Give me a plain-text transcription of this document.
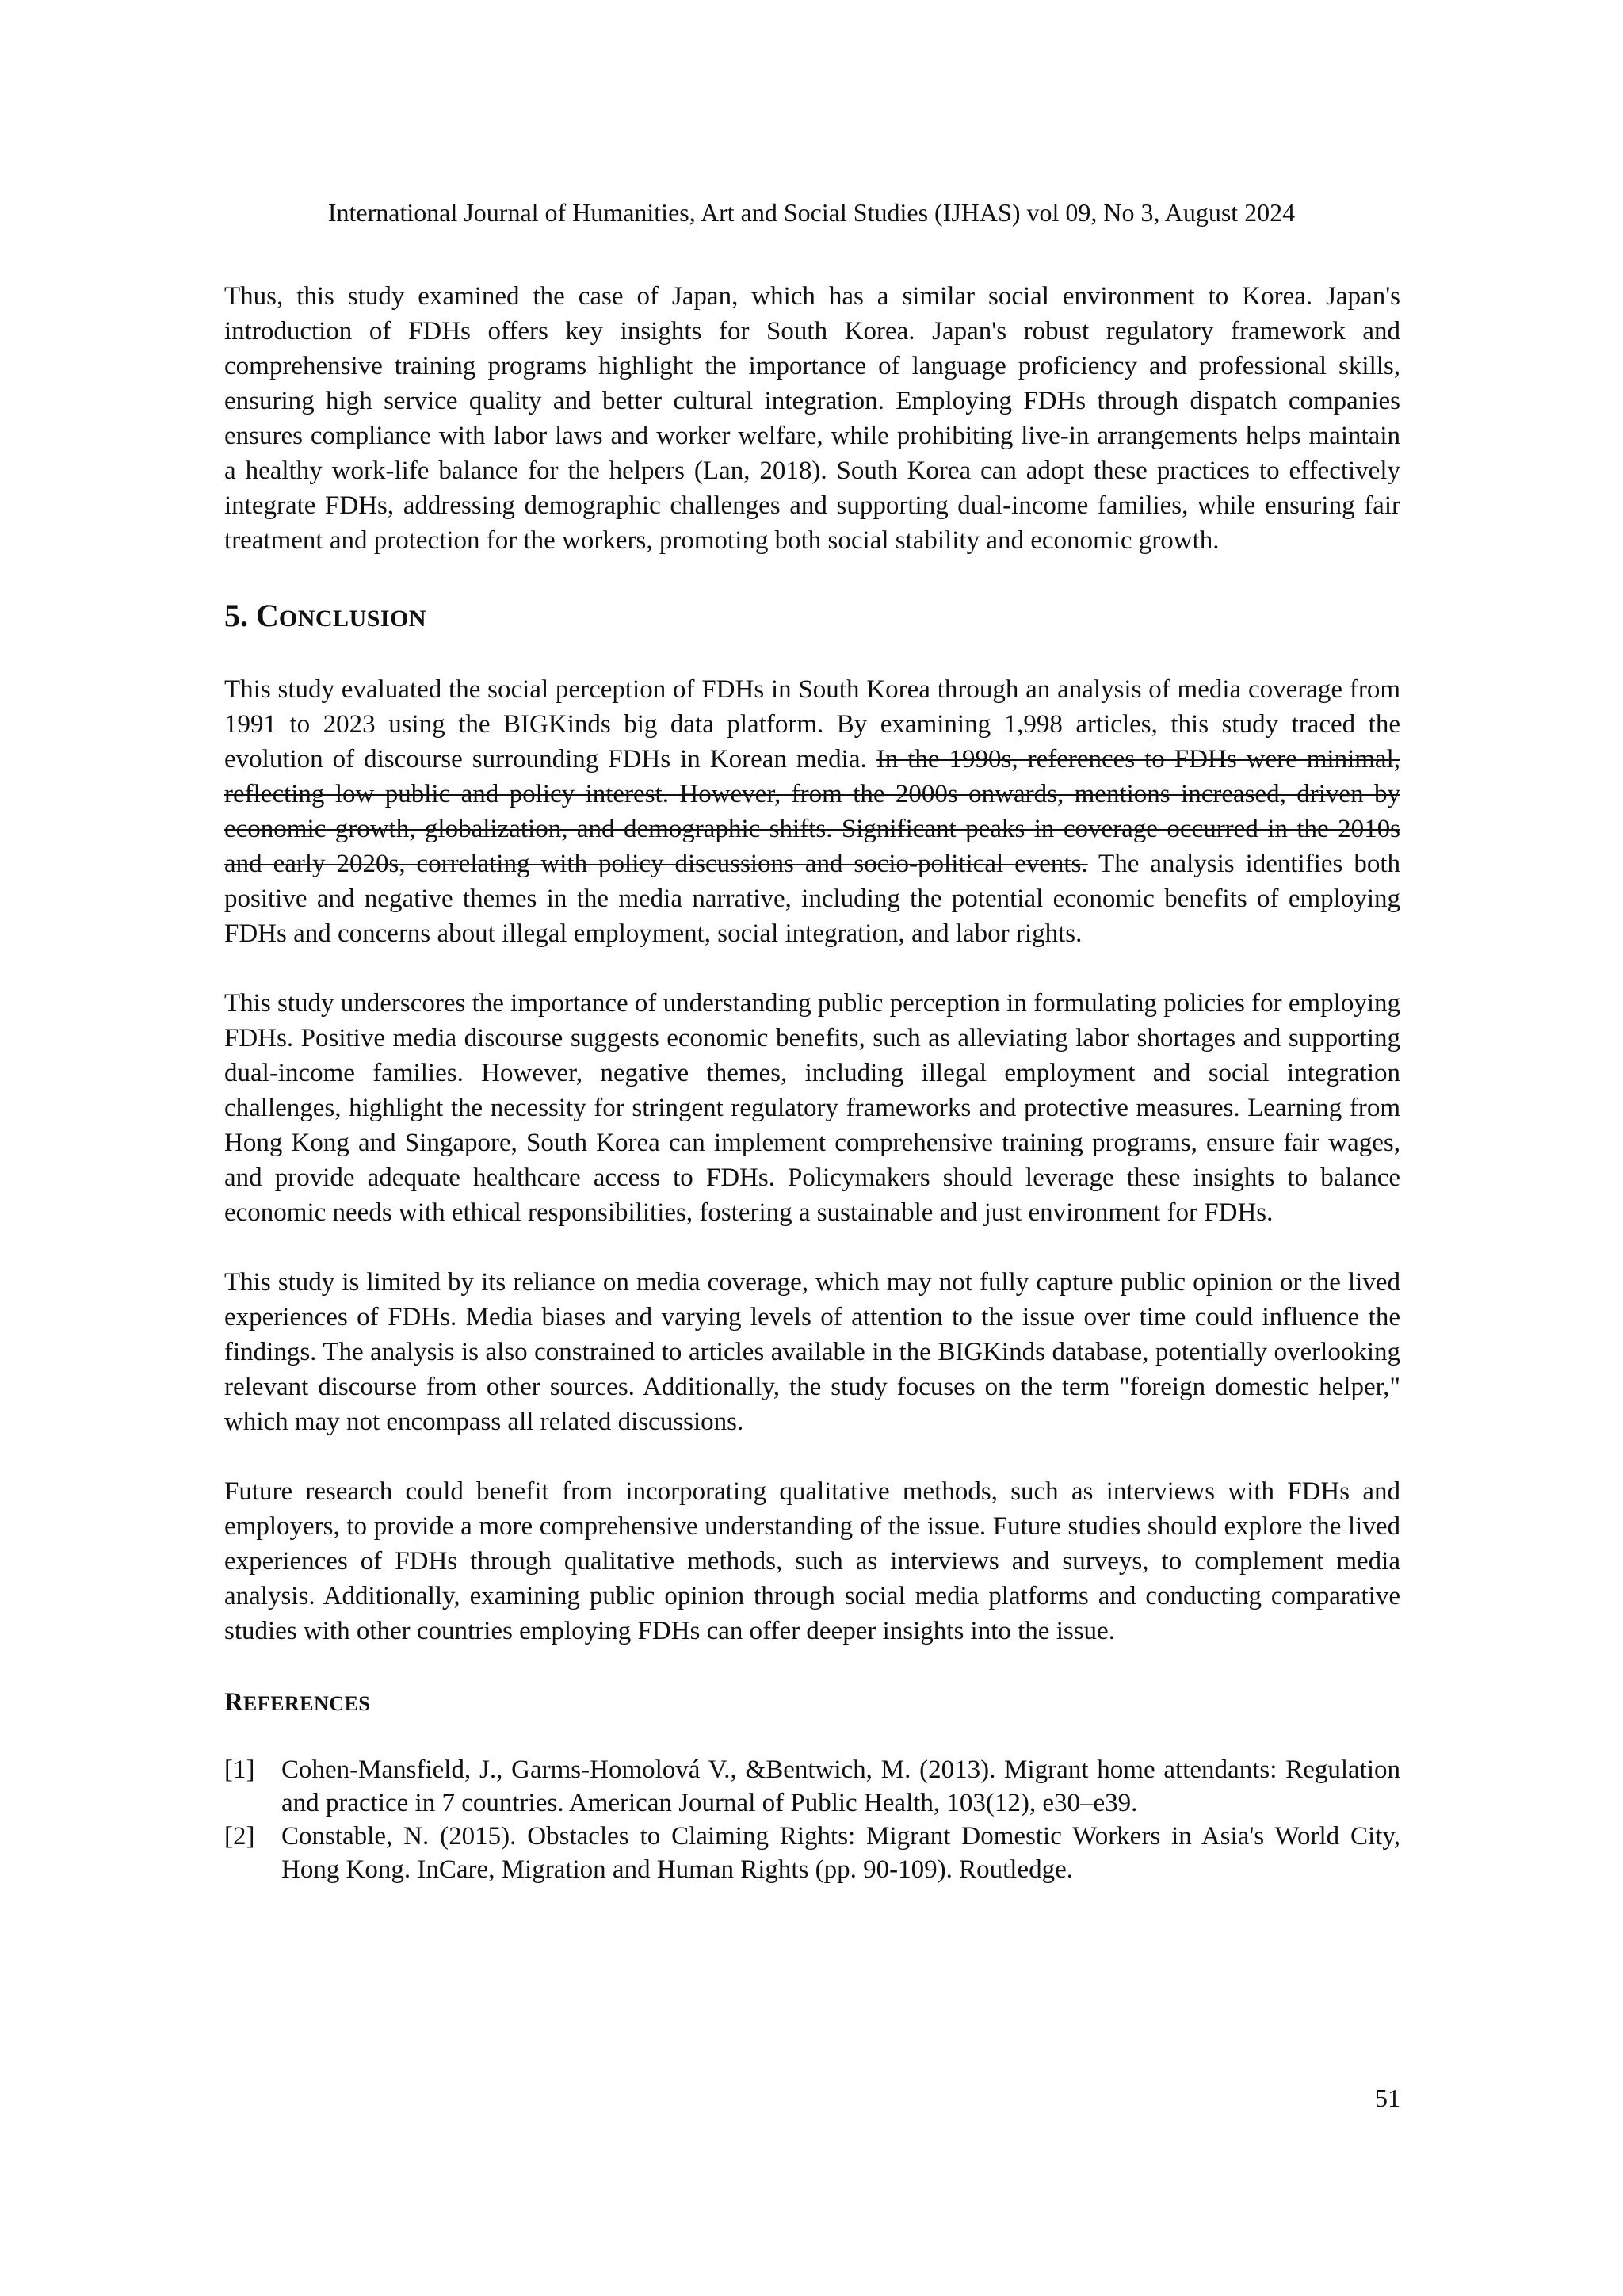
International Journal of Humanities, Art and Social Studies (IJHAS) vol 09, No 3, August 2024

Thus, this study examined the case of Japan, which has a similar social environment to Korea. Japan's introduction of FDHs offers key insights for South Korea. Japan's robust regulatory framework and comprehensive training programs highlight the importance of language proficiency and professional skills, ensuring high service quality and better cultural integration. Employing FDHs through dispatch companies ensures compliance with labor laws and worker welfare, while prohibiting live-in arrangements helps maintain a healthy work-life balance for the helpers (Lan, 2018). South Korea can adopt these practices to effectively integrate FDHs, addressing demographic challenges and supporting dual-income families, while ensuring fair treatment and protection for the workers, promoting both social stability and economic growth.

5. CONCLUSION

This study evaluated the social perception of FDHs in South Korea through an analysis of media coverage from 1991 to 2023 using the BIGKinds big data platform. By examining 1,998 articles, this study traced the evolution of discourse surrounding FDHs in Korean media. In the 1990s, references to FDHs were minimal, reflecting low public and policy interest. However, from the 2000s onwards, mentions increased, driven by economic growth, globalization, and demographic shifts. Significant peaks in coverage occurred in the 2010s and early 2020s, correlating with policy discussions and socio-political events. The analysis identifies both positive and negative themes in the media narrative, including the potential economic benefits of employing FDHs and concerns about illegal employment, social integration, and labor rights.

This study underscores the importance of understanding public perception in formulating policies for employing FDHs. Positive media discourse suggests economic benefits, such as alleviating labor shortages and supporting dual-income families. However, negative themes, including illegal employment and social integration challenges, highlight the necessity for stringent regulatory frameworks and protective measures. Learning from Hong Kong and Singapore, South Korea can implement comprehensive training programs, ensure fair wages, and provide adequate healthcare access to FDHs. Policymakers should leverage these insights to balance economic needs with ethical responsibilities, fostering a sustainable and just environment for FDHs.

This study is limited by its reliance on media coverage, which may not fully capture public opinion or the lived experiences of FDHs. Media biases and varying levels of attention to the issue over time could influence the findings. The analysis is also constrained to articles available in the BIGKinds database, potentially overlooking relevant discourse from other sources. Additionally, the study focuses on the term "foreign domestic helper," which may not encompass all related discussions.

Future research could benefit from incorporating qualitative methods, such as interviews with FDHs and employers, to provide a more comprehensive understanding of the issue. Future studies should explore the lived experiences of FDHs through qualitative methods, such as interviews and surveys, to complement media analysis. Additionally, examining public opinion through social media platforms and conducting comparative studies with other countries employing FDHs can offer deeper insights into the issue.

REFERENCES
[1]	Cohen-Mansfield, J., Garms-Homolová V., &Bentwich, M. (2013). Migrant home attendants: Regulation and practice in 7 countries. American Journal of Public Health, 103(12), e30–e39.
[2]	Constable, N. (2015). Obstacles to Claiming Rights: Migrant Domestic Workers in Asia's World City, Hong Kong. InCare, Migration and Human Rights (pp. 90-109). Routledge.
51
